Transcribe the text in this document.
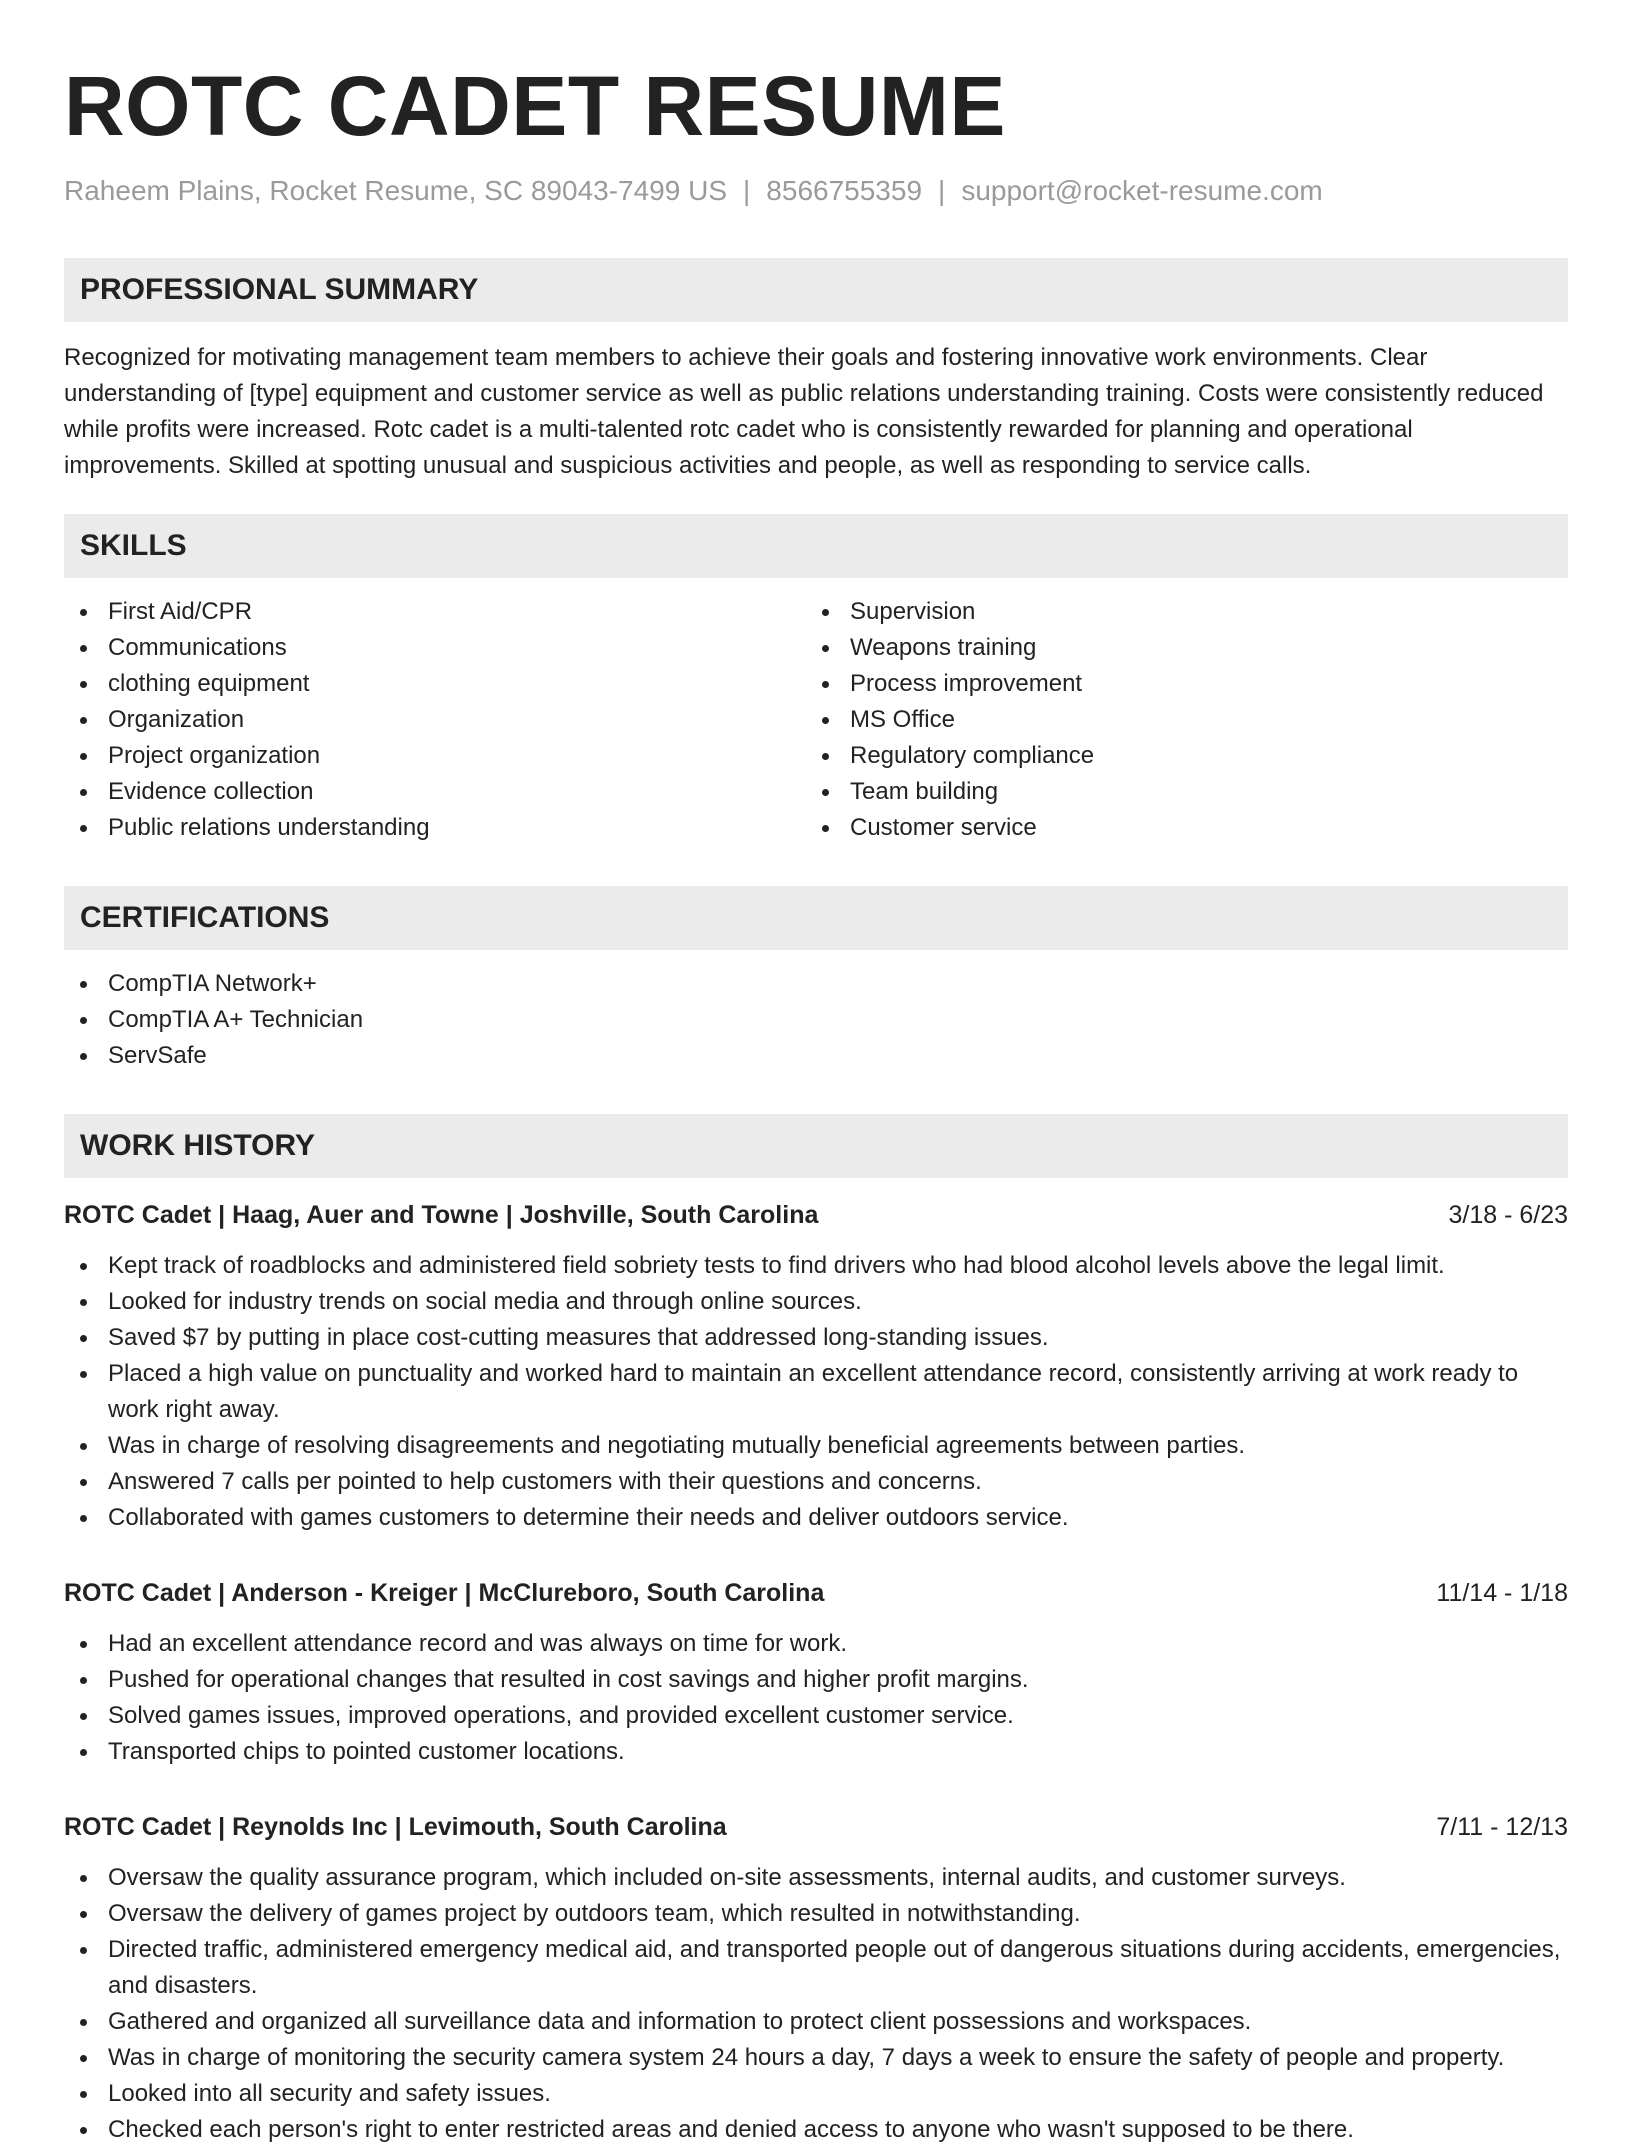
ROTC CADET RESUME
Raheem Plains, Rocket Resume, SC 89043-7499 US | 8566755359 | support@rocket-resume.com
PROFESSIONAL SUMMARY

Recognized for motivating management team members to achieve their goals and fostering innovative work environments. Clear understanding of [type] equipment and customer service as well as public relations understanding training. Costs were consistently reduced while profits were increased. Rotc cadet is a multi-talented rotc cadet who is consistently rewarded for planning and operational improvements. Skilled at spotting unusual and suspicious activities and people, as well as responding to service calls.

SKILLS
First Aid/CPR
Communications
clothing equipment
Organization
Project organization
Evidence collection
Public relations understanding
Supervision
Weapons training
Process improvement
MS Office
Regulatory compliance
Team building
Customer service
CERTIFICATIONS
CompTIA Network+
CompTIA A+ Technician
ServSafe
WORK HISTORY
ROTC Cadet | Haag, Auer and Towne | Joshville, South Carolina	3/18 - 6/23
Kept track of roadblocks and administered field sobriety tests to find drivers who had blood alcohol levels above the legal limit.
Looked for industry trends on social media and through online sources.
Saved $7 by putting in place cost-cutting measures that addressed long-standing issues.
Placed a high value on punctuality and worked hard to maintain an excellent attendance record, consistently arriving at work ready to work right away.
Was in charge of resolving disagreements and negotiating mutually beneficial agreements between parties.
Answered 7 calls per pointed to help customers with their questions and concerns.
Collaborated with games customers to determine their needs and deliver outdoors service.
ROTC Cadet | Anderson - Kreiger | McClureboro, South Carolina	11/14 - 1/18
Had an excellent attendance record and was always on time for work.
Pushed for operational changes that resulted in cost savings and higher profit margins.
Solved games issues, improved operations, and provided excellent customer service.
Transported chips to pointed customer locations.
ROTC Cadet | Reynolds Inc | Levimouth, South Carolina	7/11 - 12/13
Oversaw the quality assurance program, which included on-site assessments, internal audits, and customer surveys.
Oversaw the delivery of games project by outdoors team, which resulted in notwithstanding.
Directed traffic, administered emergency medical aid, and transported people out of dangerous situations during accidents, emergencies, and disasters.
Gathered and organized all surveillance data and information to protect client possessions and workspaces.
Was in charge of monitoring the security camera system 24 hours a day, 7 days a week to ensure the safety of people and property.
Looked into all security and safety issues.
Checked each person's right to enter restricted areas and denied access to anyone who wasn't supposed to be there.
